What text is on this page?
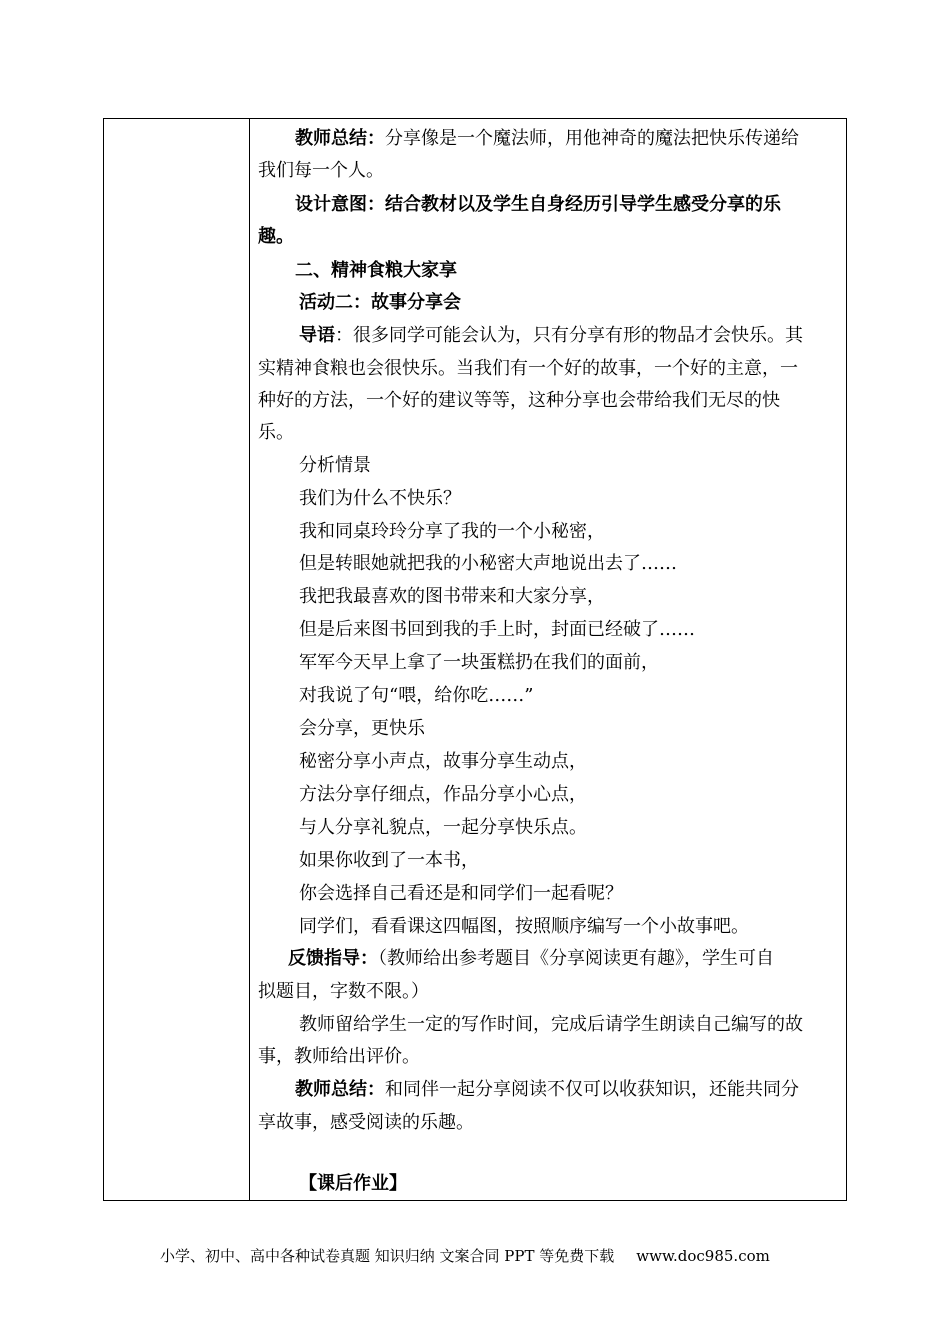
教师总结：分享像是一个魔法师，用他神奇的魔法把快乐传递给
我们每一个人。
设计意图：结合教材以及学生自身经历引导学生感受分享的乐
趣。
二、精神食粮大家享
活动二：故事分享会
导语：很多同学可能会认为，只有分享有形的物品才会快乐。其
实精神食粮也会很快乐。当我们有一个好的故事，一个好的主意，一
种好的方法，一个好的建议等等，这种分享也会带给我们无尽的快
乐。
分析情景
我们为什么不快乐？
我和同桌玲玲分享了我的一个小秘密，
但是转眼她就把我的小秘密大声地说出去了……
我把我最喜欢的图书带来和大家分享，
但是后来图书回到我的手上时，封面已经破了……
军军今天早上拿了一块蛋糕扔在我们的面前，
对我说了句“喂，给你吃……”
会分享，更快乐
秘密分享小声点，故事分享生动点，
方法分享仔细点，作品分享小心点，
与人分享礼貌点，一起分享快乐点。
如果你收到了一本书，
你会选择自己看还是和同学们一起看呢？
同学们，看看课这四幅图，按照顺序编写一个小故事吧。
反馈指导：（教师给出参考题目《分享阅读更有趣》，学生可自
拟题目，字数不限。）
教师留给学生一定的写作时间，完成后请学生朗读自己编写的故
事，教师给出评价。
教师总结：和同伴一起分享阅读不仅可以收获知识，还能共同分
享故事，感受阅读的乐趣。
【课后作业】
小学、初中、高中各种试卷真题 知识归纳 文案合同 PPT 等免费下载 www.doc985.com
